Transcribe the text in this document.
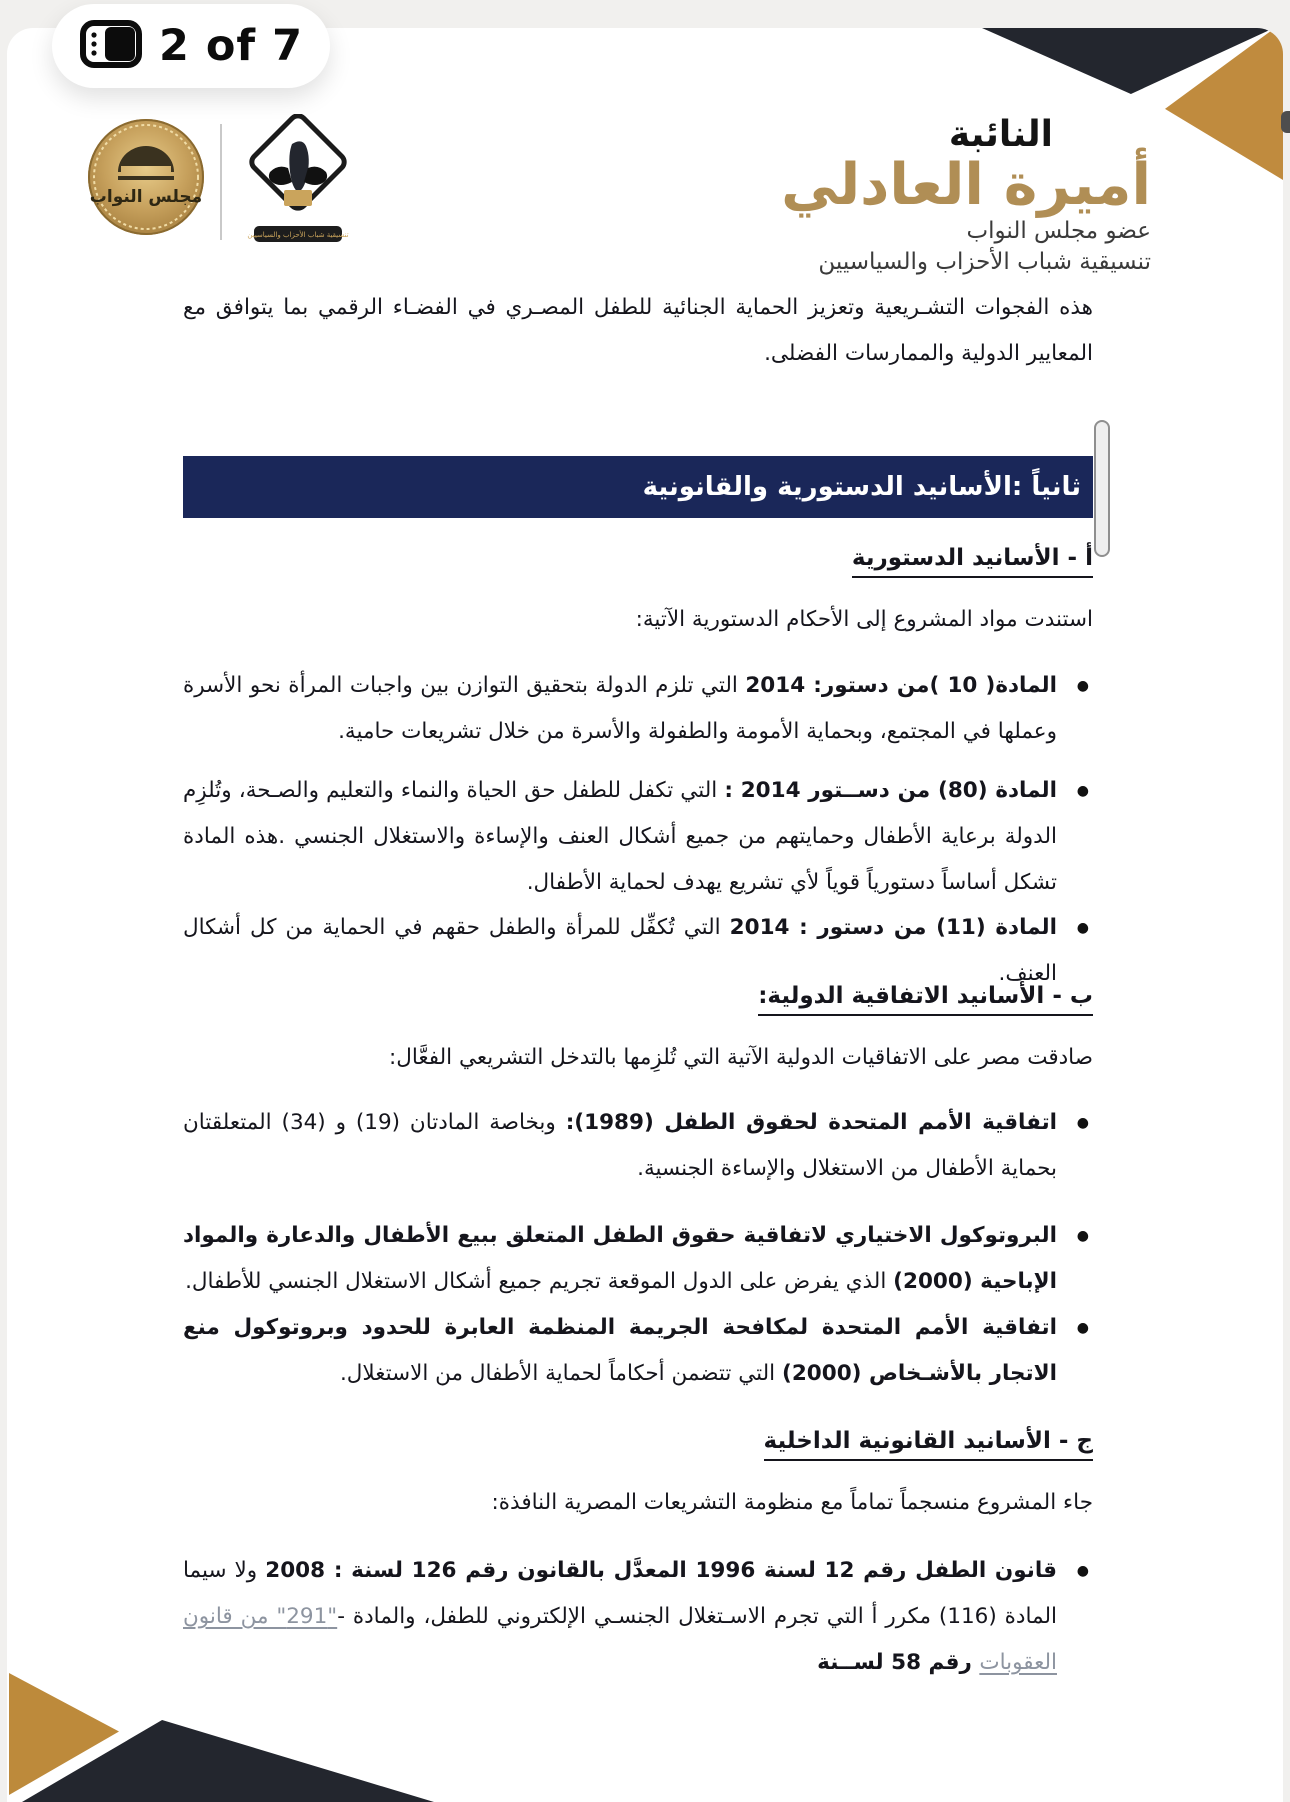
مجلس النواب
تنسيقية شباب الأحزاب والسياسيين
النائبة
أميرة العادلي
عضو مجلس النواب
تنسيقية شباب الأحزاب والسياسيين
هذه الفجوات التشـريعية وتعزيز الحماية الجنائية للطفل المصـري في الفضـاء الرقمي بما يتوافق مع المعايير الدولية والممارسات الفضلى.
ثانياً :الأسانيد الدستورية والقانونية
أ - الأسانيد الدستورية
استندت مواد المشروع إلى الأحكام الدستورية الآتية:
● المادة( 10 )من دستور: 2014 التي تلزم الدولة بتحقيق التوازن بين واجبات المرأة نحو الأسرة وعملها في المجتمع، وبحماية الأمومة والطفولة والأسرة من خلال تشريعات حامية.
● المادة (80) من دســتور 2014 : التي تكفل للطفل حق الحياة والنماء والتعليم والصـحة، وتُلزِم الدولة برعاية الأطفال وحمايتهم من جميع أشكال العنف والإساءة والاستغلال الجنسي .هذه المادة تشكل أساساً دستورياً قوياً لأي تشريع يهدف لحماية الأطفال.
● المادة (11) من دستور : 2014 التي تُكفِّل للمرأة والطفل حقهم في الحماية من كل أشكال العنف.
ب - الأسانيد الاتفاقية الدولية:
صادقت مصر على الاتفاقيات الدولية الآتية التي تُلزِمها بالتدخل التشريعي الفعَّال:
● اتفاقية الأمم المتحدة لحقوق الطفل (1989): وبخاصة المادتان (19) و (34) المتعلقتان بحماية الأطفال من الاستغلال والإساءة الجنسية.
● البروتوكول الاختياري لاتفاقية حقوق الطفل المتعلق ببيع الأطفال والدعارة والمواد الإباحية (2000) الذي يفرض على الدول الموقعة تجريم جميع أشكال الاستغلال الجنسي للأطفال.
● اتفاقية الأمم المتحدة لمكافحة الجريمة المنظمة العابرة للحدود وبروتوكول منع الاتجار بالأشـخاص (2000) التي تتضمن أحكاماً لحماية الأطفال من الاستغلال.
ج - الأسانيد القانونية الداخلية
جاء المشروع منسجماً تماماً مع منظومة التشريعات المصرية النافذة:
● قانون الطفل رقم 12 لسنة 1996 المعدَّل بالقانون رقم 126 لسنة : 2008 ولا سيما المادة (116) مكرر أ التي تجرم الاسـتغلال الجنسـي الإلكتروني للطفل، والمادة -"291" من قانون العقوبات رقم 58 لســنة
2 of 7
